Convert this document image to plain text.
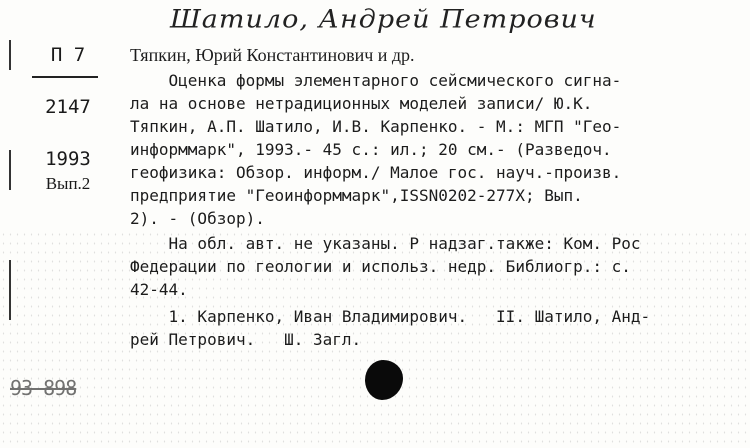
Шатило, Андрей Петрович
П 7
2147
1993
Вып.2
Тяпкин, Юрий Константинович и др.
Оценка формы элементарного сейсмического сигна-
ла на основе нетрадиционных моделей записи/ Ю.К.
Тяпкин, А.П. Шатило, И.В. Карпенко. - М.: МГП "Гео-
информмарк", 1993.- 45 с.: ил.; 20 см.- (Разведоч.
геофизика: Обзор. информ./ Малое гос. науч.-произв.
предприятие "Геоинформмарк",ISSN0202-277X; Вып.
2). - (Обзор).
На обл. авт. не указаны. Р надзаг.также: Ком. Рос
Федерации по геологии и использ. недр. Библиогр.: с.
42-44.
1. Карпенко, Иван Владимирович.   II. Шатило, Анд-
рей Петрович.   Ш. Загл.
93-898
